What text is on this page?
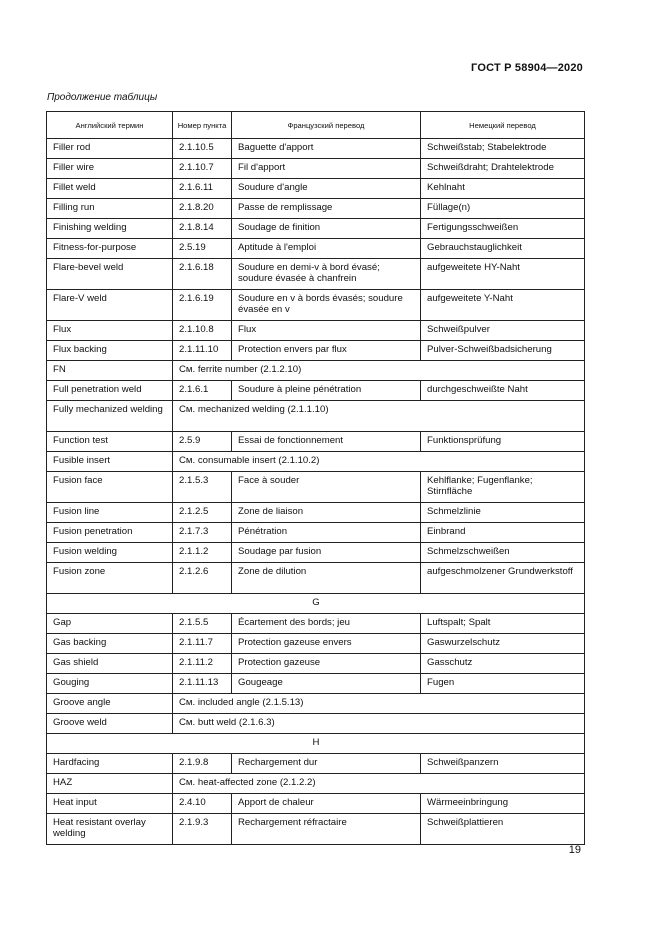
ГОСТ Р 58904—2020
Продолжение таблицы
Английский термин	Номер пункта	Французский перевод	Немецкий перевод
Filler rod	2.1.10.5	Baguette d'apport	Schweißstab; Stabelektrode
Filler wire	2.1.10.7	Fil d'apport	Schweißdraht; Drahtelektrode
Fillet weld	2.1.6.11	Soudure d'angle	Kehlnaht
Filling run	2.1.8.20	Passe de remplissage	Füllage(n)
Finishing welding	2.1.8.14	Soudage de finition	Fertigungsschweißen
Fitness-for-purpose	2.5.19	Aptitude à l'emploi	Gebrauchstauglichkeit
Flare-bevel weld	2.1.6.18	Soudure en demi-v à bord évasé; soudure évasée à chanfrein	aufgeweitete HY-Naht
Flare-V weld	2.1.6.19	Soudure en v à bords évasés; soudure évasée en v	aufgeweitete Y-Naht
Flux	2.1.10.8	Flux	Schweißpulver
Flux backing	2.1.11.10	Protection envers par flux	Pulver-Schweißbadsicherung
FN	См. ferrite number (2.1.2.10)		
Full penetration weld	2.1.6.1	Soudure à pleine pénétration	durchgeschweißte Naht
Fully mechanized welding	См. mechanized welding (2.1.1.10)		
Function test	2.5.9	Essai de fonctionnement	Funktionsprüfung
Fusible insert	См. consumable insert (2.1.10.2)		
Fusion face	2.1.5.3	Face à souder	Kehlflanke; Fugenflanke; Stirnfläche
Fusion line	2.1.2.5	Zone de liaison	Schmelzlinie
Fusion penetration	2.1.7.3	Pénétration	Einbrand
Fusion welding	2.1.1.2	Soudage par fusion	Schmelzschweißen
Fusion zone	2.1.2.6	Zone de dilution	aufgeschmolzener Grundwerkstoff
G			
Gap	2.1.5.5	Écartement des bords; jeu	Luftspalt; Spalt
Gas backing	2.1.11.7	Protection gazeuse envers	Gaswurzelschutz
Gas shield	2.1.11.2	Protection gazeuse	Gasschutz
Gouging	2.1.11.13	Gougeage	Fugen
Groove angle	См. included angle (2.1.5.13)		
Groove weld	См. butt weld (2.1.6.3)		
H			
Hardfacing	2.1.9.8	Rechargement dur	Schweißpanzern
HAZ	См. heat-affected zone (2.1.2.2)		
Heat input	2.4.10	Apport de chaleur	Wärmeeinbringung
Heat resistant overlay welding	2.1.9.3	Rechargement réfractaire	Schweißplattieren
19
